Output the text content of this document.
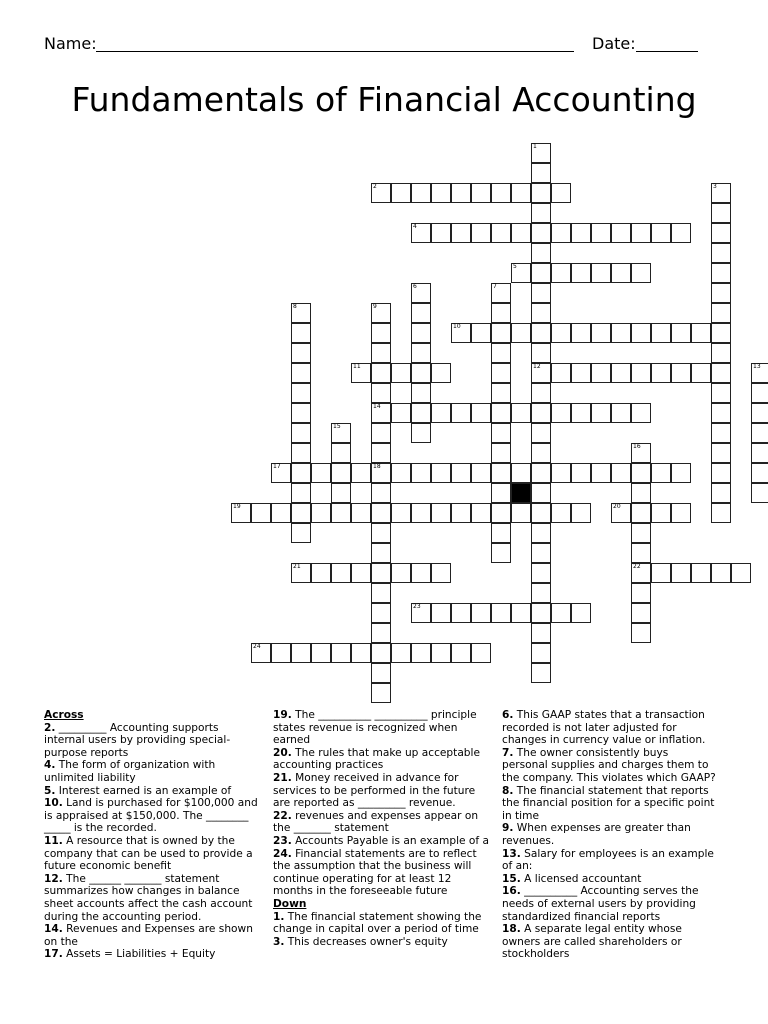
Name:	Date:
Fundamentals of Financial Accounting
1
12
2	3
4
5
6	7
8	9
14
10
11	13
15
16
22
17	18
19	20
21
23
24

Across

2. _________ Accounting supports internal users by providing special-purpose reports

4. The form of organization with unlimited liability

5. Interest earned is an example of

10. Land is purchased for $100,000 and is appraised at $150,000. The ________ _____ is the recorded.

11. A resource that is owned by the company that can be used to provide a future economic benefit

12. The ______ _______ statement summarizes how changes in balance sheet accounts affect the cash account during the accounting period.

14. Revenues and Expenses are shown on the

17. Assets = Liabilities + Equity

19. The __________ __________ principle states revenue is recognized when earned

20. The rules that make up acceptable accounting practices

21. Money received in advance for services to be performed in the future are reported as _________ revenue.

22. revenues and expenses appear on the _______ statement

23. Accounts Payable is an example of a

24. Financial statements are to reflect the assumption that the business will continue operating for at least 12 months in the foreseeable future

Down

1. The financial statement showing the change in capital over a period of time

3. This decreases owner's equity

6. This GAAP states that a transaction recorded is not later adjusted for changes in currency value or inflation.

7. The owner consistently buys personal supplies and charges them to the company. This violates which GAAP?

8. The financial statement that reports the financial position for a specific point in time

9. When expenses are greater than revenues.

13. Salary for employees is an example of an:

15. A licensed accountant

16. __________ Accounting serves the needs of external users by providing standardized financial reports

18. A separate legal entity whose owners are called shareholders or stockholders
